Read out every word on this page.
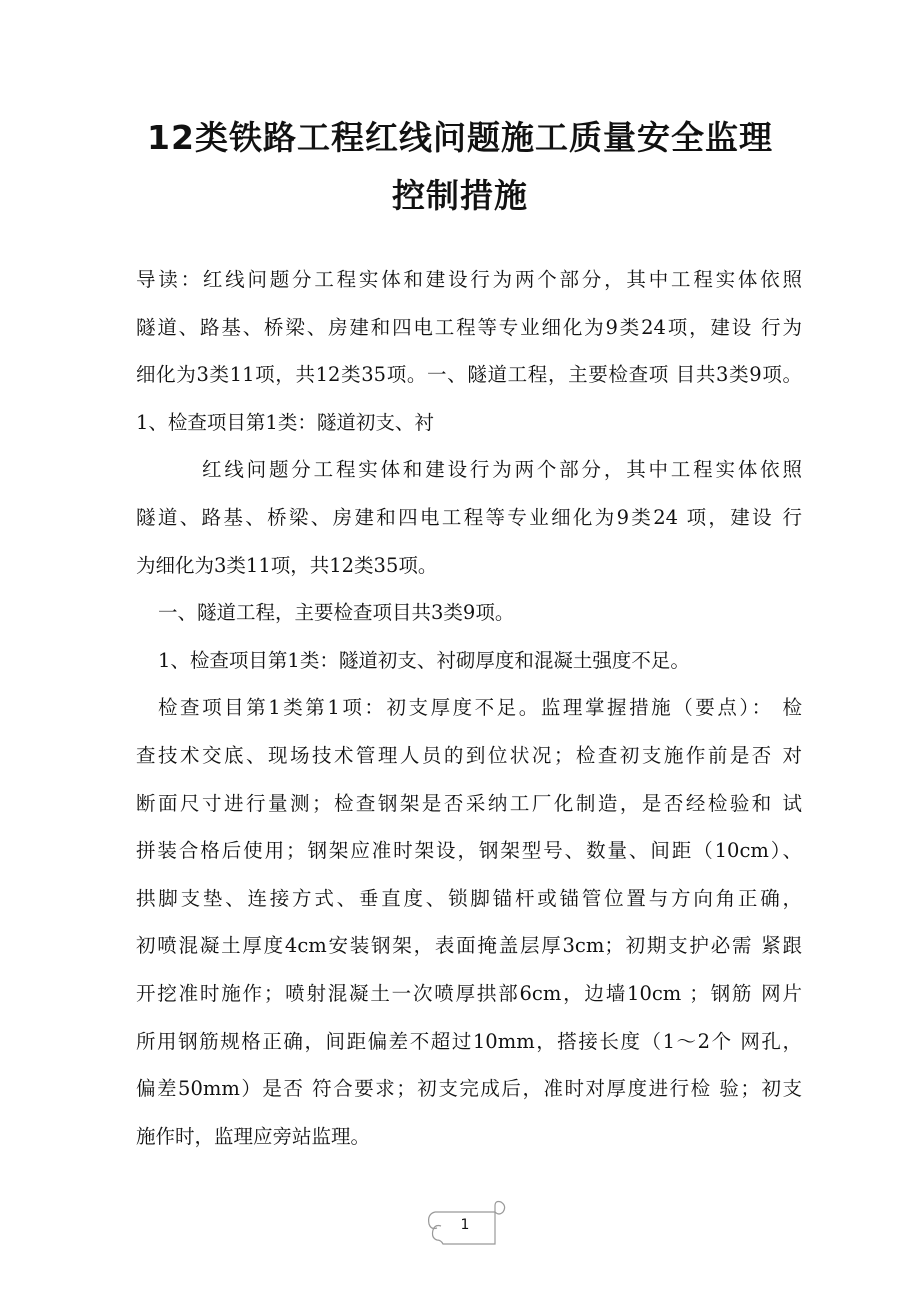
12类铁路工程红线问题施工质量安全监理
控制措施
导读：红线问题分工程实体和建设行为两个部分，其中工程实体依照
隧道、路基、桥梁、房建和四电工程等专业细化为9类24项，建设 行为
细化为3类11项，共12类35项。一、隧道工程，主要检查项 目共3类9项。
1、检查项目第1类：隧道初支、衬
红线问题分工程实体和建设行为两个部分，其中工程实体依照
隧道、路基、桥梁、房建和四电工程等专业细化为9类24 项，建设 行
为细化为3类11项，共12类35项。
一、隧道工程，主要检查项目共3类9项。
1、检查项目第1类：隧道初支、衬砌厚度和混凝土强度不足。
检查项目第1类第1项：初支厚度不足。监理掌握措施（要点）： 检
查技术交底、现场技术管理人员的到位状况；检查初支施作前是否 对
断面尺寸进行量测；检查钢架是否采纳工厂化制造，是否经检验和 试
拼装合格后使用；钢架应准时架设，钢架型号、数量、间距（10cm）、
拱脚支垫、连接方式、垂直度、锁脚锚杆或锚管位置与方向角正确，
初喷混凝土厚度4cm安装钢架，表面掩盖层厚3cm；初期支护必需 紧跟
开挖准时施作；喷射混凝土一次喷厚拱部6cm，边墙10cm ；钢筋 网片
所用钢筋规格正确，间距偏差不超过10mm，搭接长度（1～2个 网孔，
偏差50mm）是否 符合要求；初支完成后，准时对厚度进行检 验；初支
施作时，监理应旁站监理。
1
